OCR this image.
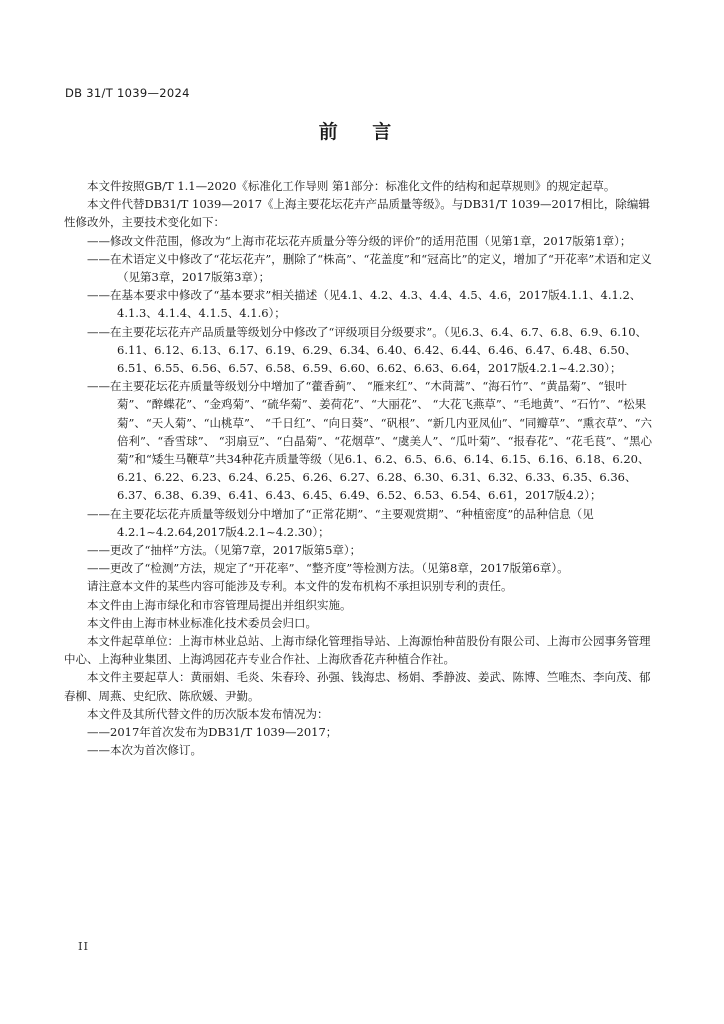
DB 31/T 1039—2024
前 言

本文件按照GB/T 1.1—2020《标准化工作导则 第1部分：标准化文件的结构和起草规则》的规定起草。

本文件代替DB31/T 1039—2017《上海主要花坛花卉产品质量等级》。与DB31/T 1039—2017相比，除编辑性修改外，主要技术变化如下：

——修改文件范围，修改为“上海市花坛花卉质量分等分级的评价”的适用范围（见第1章，2017版第1章）；

——在术语定义中修改了“花坛花卉”，删除了“株高”、“花盖度”和“冠高比”的定义，增加了“开花率”术语和定义（见第3章，2017版第3章）；

——在基本要求中修改了“基本要求”相关描述（见4.1、4.2、4.3、4.4、4.5、4.6，2017版4.1.1、4.1.2、4.1.3、4.1.4、4.1.5、4.1.6）；

——在主要花坛花卉产品质量等级划分中修改了“评级项目分级要求”。（见6.3、6.4、6.7、6.8、6.9、6.10、6.11、6.12、6.13、6.17、6.19、6.29、6.34、6.40、6.42、6.44、6.46、6.47、6.48、6.50、6.51、6.55、6.56、6.57、6.58、6.59、6.60、6.62、6.63、6.64，2017版4.2.1~4.2.30）；

——在主要花坛花卉质量等级划分中增加了“藿香蓟”、 “雁来红”、“木茼蒿”、“海石竹”、“黄晶菊”、“银叶菊”、“醉蝶花”、“金鸡菊”、“硫华菊”、姜荷花”、“大丽花”、 “大花飞燕草”、“毛地黄”、“石竹”、“松果菊”、“天人菊”、“山桃草”、 “千日红”、“向日葵”、“矾根”、“新几内亚凤仙”、“同瓣草”、“熏衣草”、“六倍利”、“香雪球”、 “羽扇豆”、“白晶菊”、“花烟草”、“虞美人”、“瓜叶菊”、“报春花”、“花毛茛”、“黑心菊”和“矮生马鞭草”共34种花卉质量等级（见6.1、6.2、6.5、6.6、6.14、6.15、6.16、6.18、6.20、6.21、6.22、6.23、6.24、6.25、6.26、6.27、6.28、6.30、6.31、6.32、6.33、6.35、6.36、6.37、6.38、6.39、6.41、6.43、6.45、6.49、6.52、6.53、6.54、6.61，2017版4.2）；

——在主要花坛花卉质量等级划分中增加了“正常花期”、“主要观赏期”、“种植密度”的品种信息（见4.2.1~4.2.64,2017版4.2.1~4.2.30）；

——更改了“抽样”方法。（见第7章，2017版第5章）；

——更改了“检测”方法，规定了“开花率”、“整齐度”等检测方法。（见第8章，2017版第6章）。

请注意本文件的某些内容可能涉及专利。本文件的发布机构不承担识别专利的责任。

本文件由上海市绿化和市容管理局提出并组织实施。

本文件由上海市林业标准化技术委员会归口。

本文件起草单位：上海市林业总站、上海市绿化管理指导站、上海源怡种苗股份有限公司、上海市公园事务管理中心、上海种业集团、上海鸿园花卉专业合作社、上海欣香花卉种植合作社。

本文件主要起草人：黄丽娟、毛炎、朱春玲、孙强、钱海忠、杨娟、季静波、姜武、陈博、竺唯杰、李向茂、郁春柳、周燕、史纪欣、陈欣媛、尹勤。

本文件及其所代替文件的历次版本发布情况为：

——2017年首次发布为DB31/T 1039—2017；

——本次为首次修订。

II
